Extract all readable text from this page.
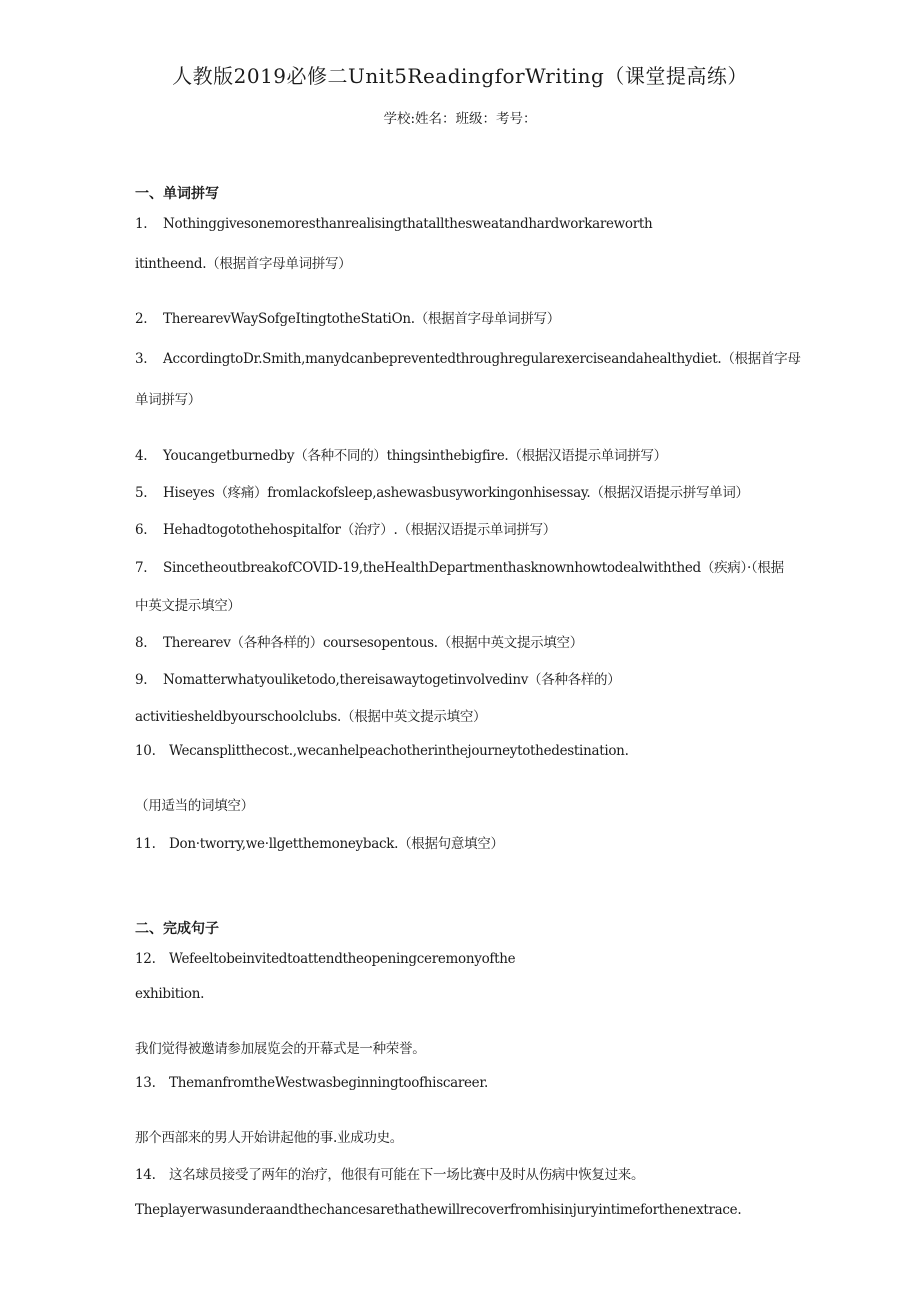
人教版2019必修二Unit5ReadingforWriting（课堂提高练）
学校:姓名：班级：考号：
一、单词拼写
1. Nothinggivesonemoresthanrealisingthatallthesweatandhardworkareworth
itintheend.（根据首字母单词拼写）
2. TherearevWaySofgeItingtotheStatiOn.（根据首字母单词拼写）
3. AccordingtoDr.Smith,manydcanbepreventedthroughregularexerciseandahealthydiet.（根据首字母
单词拼写）
4. Youcangetburnedby（各种不同的）thingsinthebigfire.（根据汉语提示单词拼写）
5. Hiseyes（疼痛）fromlackofsleep,ashewasbusyworkingonhisessay.（根据汉语提示拼写单词）
6. Hehadtogotothehospitalfor（治疗）.（根据汉语提示单词拼写）
7. SincetheoutbreakofCOVID-19,theHealthDepartmenthasknownhowtodealwiththed（疾病）·（根据
中英文提示填空）
8. Therearev（各种各样的）coursesopentous.（根据中英文提示填空）
9. Nomatterwhatyouliketodo,thereisawaytogetinvolvedinv（各种各样的）
activitiesheldbyourschoolclubs.（根据中英文提示填空）
10. Wecansplitthecost.,wecanhelpeachotherinthejourneytothedestination.
（用适当的词填空）
11. Don·tworry,we·llgetthemoneyback.（根据句意填空）
二、完成句子
12. Wefeeltobeinvitedtoattendtheopeningceremonyofthe
exhibition.
我们觉得被邀请参加展览会的开幕式是一种荣誉。
13. ThemanfromtheWestwasbeginningtoofhiscareer.
那个西部来的男人开始讲起他的事.业成功史。
14. 这名球员接受了两年的治疗，他很有可能在下一场比赛中及时从伤病中恢复过来。
Theplayerwasunderaandthechancesarethathewillrecoverfromhisinjuryintimeforthenextrace.
